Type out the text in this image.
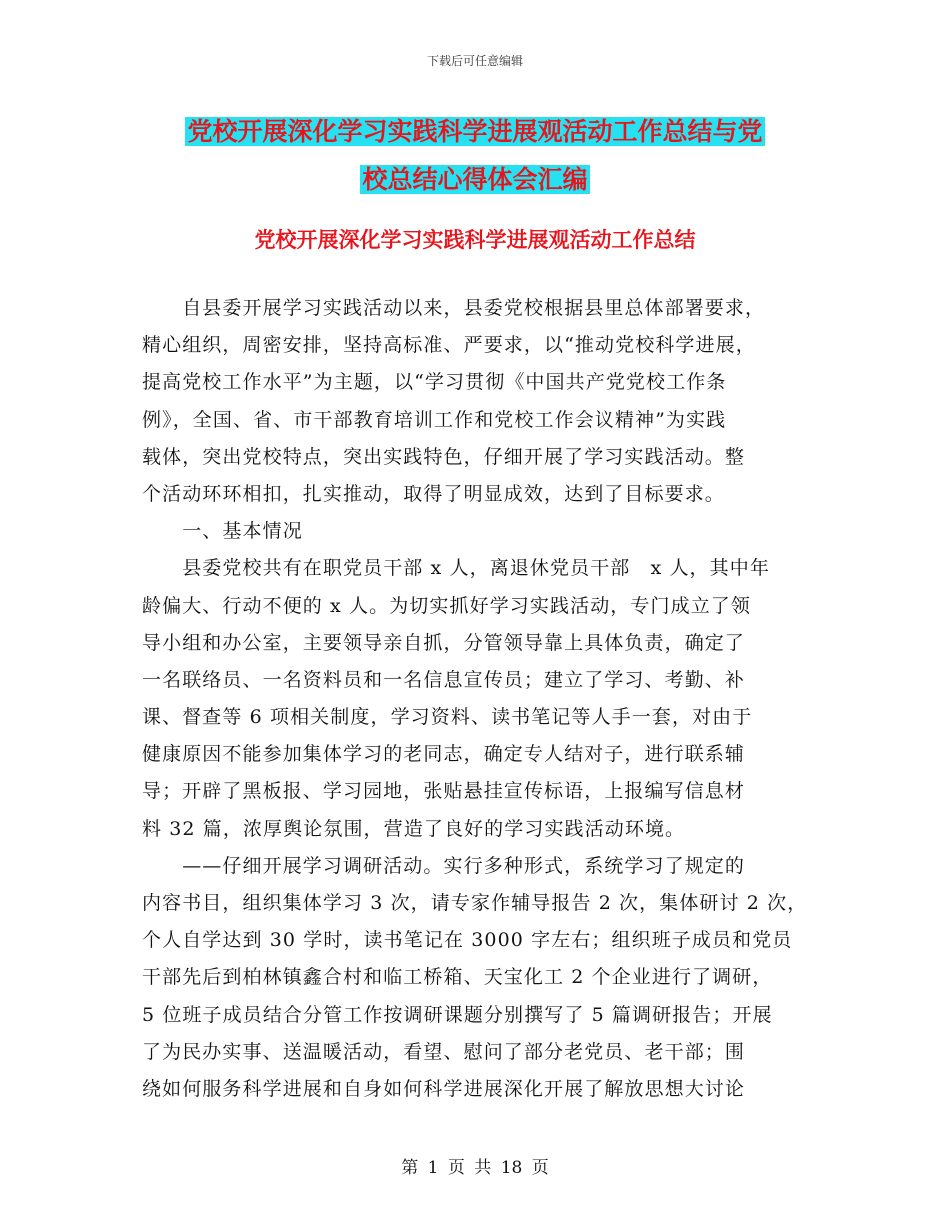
下载后可任意编辑
党校开展深化学习实践科学进展观活动工作总结与党
校总结心得体会汇编
党校开展深化学习实践科学进展观活动工作总结
　　自县委开展学习实践活动以来，县委党校根据县里总体部署要求，
精心组织，周密安排，坚持高标准、严要求，以“推动党校科学进展，
提高党校工作水平”为主题，以“学习贯彻《中国共产党党校工作条
例》，全国、省、市干部教育培训工作和党校工作会议精神”为实践
载体，突出党校特点，突出实践特色，仔细开展了学习实践活动。整
个活动环环相扣，扎实推动，取得了明显成效，达到了目标要求。
　　一、基本情况
　　县委党校共有在职党员干部 x 人，离退休党员干部　x 人，其中年
龄偏大、行动不便的 x 人。为切实抓好学习实践活动，专门成立了领
导小组和办公室，主要领导亲自抓，分管领导靠上具体负责，确定了
一名联络员、一名资料员和一名信息宣传员；建立了学习、考勤、补
课、督查等 6 项相关制度，学习资料、读书笔记等人手一套，对由于
健康原因不能参加集体学习的老同志，确定专人结对子，进行联系辅
导；开辟了黑板报、学习园地，张贴悬挂宣传标语，上报编写信息材
料 32 篇，浓厚舆论氛围，营造了良好的学习实践活动环境。
　　——仔细开展学习调研活动。实行多种形式，系统学习了规定的
内容书目，组织集体学习 3 次，请专家作辅导报告 2 次，集体研讨 2 次，
个人自学达到 30 学时，读书笔记在 3000 字左右；组织班子成员和党员
干部先后到柏林镇鑫合村和临工桥箱、天宝化工 2 个企业进行了调研，
5 位班子成员结合分管工作按调研课题分别撰写了 5 篇调研报告；开展
了为民办实事、送温暖活动，看望、慰问了部分老党员、老干部；围
绕如何服务科学进展和自身如何科学进展深化开展了解放思想大讨论
第 1 页 共 18 页
